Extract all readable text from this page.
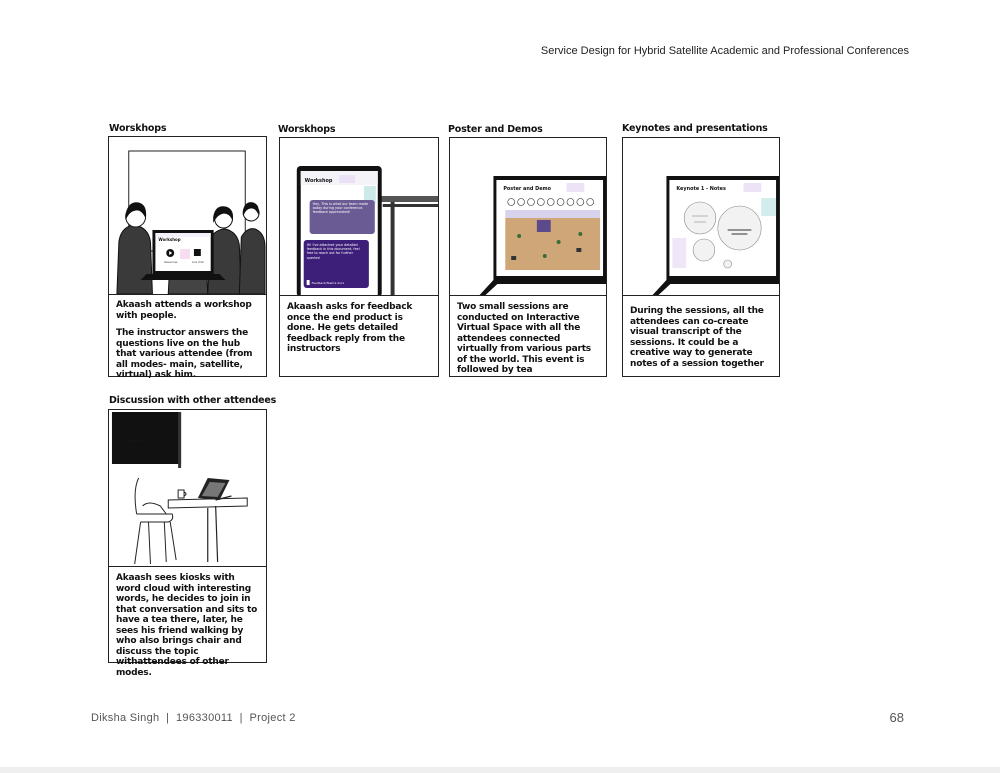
Service Design for Hybrid Satellite Academic and Professional Conferences
Worskhops
Workshop
Resources	Live chat

Akaash attends a workshop with people.

The instructor answers the questions live on the hub that various attendee (from all modes- main, satellite, virtual) ask him.

Worskhops
Workshop
Hey, This is what our team made today during your conference. feedback appreciated!
Hi! I've attached your detailed feedback in this document, feel free to reach out for further queries!
Feedback/Team1.docx

Akaash asks for feedback once the end product is done. He gets detailed feedback reply from the instructors

Poster and Demos
Poster and Demo

Two small sessions are conducted on Interactive Virtual Space with all the attendees connected virtually from various parts of the world. This event is followed by tea

Keynotes and presentations
Keynote 1 - Notes

During the sessions, all the attendees can co-create visual transcript of the sessions. It could be a creative way to generate notes of a session together

Discussion with other attendees
word cloud

Akaash sees kiosks with word cloud with interesting words, he decides to join in that conversation and sits to have a tea there, later, he sees his friend walking by who also brings chair and discuss the topic withattendees of other modes.

Diksha Singh  |  196330011  |  Project 2	68
